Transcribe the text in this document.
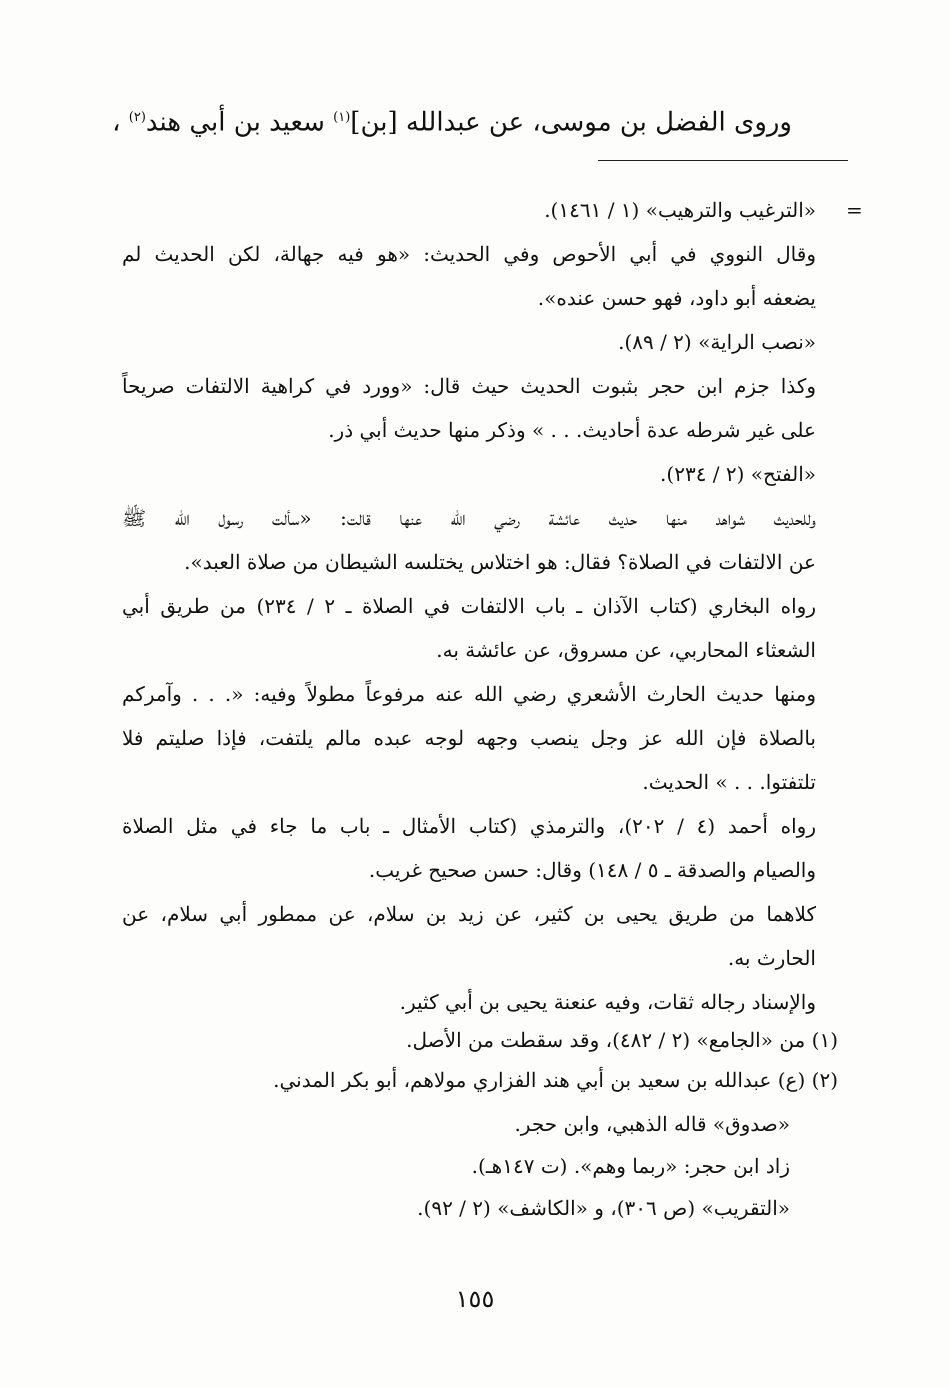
وروى الفضل بن موسى، عن عبدالله [بن]$^{(١)}$ سعيد بن أبي هند$^{(٢)}$ ،
=
«الترغيب والترهيب» (١ / ١٤٦١).
وقال النووي في أبي الأحوص وفي الحديث: «هو فيه جهالة، لكن الحديث لم
يضعفه أبو داود، فهو حسن عنده».
«نصب الراية» (٢ / ٨٩).
وكذا جزم ابن حجر بثبوت الحديث حيث قال: «وورد في كراهية الالتفات صريحاً
على غير شرطه عدة أحاديث. . . » وذكر منها حديث أبي ذر.
«الفتح» (٢ / ٢٣٤).
وللحديث شواهد منها حديث عائشة رضي الله عنها قالت: «سألت رسول الله ﷺ
عن الالتفات في الصلاة؟ فقال: هو اختلاس يختلسه الشيطان من صلاة العبد».
رواه البخاري (كتاب الآذان ـ باب الالتفات في الصلاة ـ ٢ / ٢٣٤) من طريق أبي
الشعثاء المحاربي، عن مسروق، عن عائشة به.
ومنها حديث الحارث الأشعري رضي الله عنه مرفوعاً مطولاً وفيه: «. . . وآمركم
بالصلاة فإن الله عز وجل ينصب وجهه لوجه عبده مالم يلتفت، فإذا صليتم فلا
تلتفتوا. . . » الحديث.
رواه أحمد (٤ / ٢٠٢)، والترمذي (كتاب الأمثال ـ باب ما جاء في مثل الصلاة
والصيام والصدقة ـ ٥ / ١٤٨) وقال: حسن صحيح غريب.
كلاهما من طريق يحيى بن كثير، عن زيد بن سلام، عن ممطور أبي سلام، عن
الحارث به.
والإسناد رجاله ثقات، وفيه عنعنة يحيى بن أبي كثير.
(١) من «الجامع» (٢ / ٤٨٢)، وقد سقطت من الأصل.
(٢) (ع) عبدالله بن سعيد بن أبي هند الفزاري مولاهم، أبو بكر المدني.
«صدوق» قاله الذهبي، وابن حجر.
زاد ابن حجر: «ربما وهم». (ت ١٤٧هـ).
«التقريب» (ص ٣٠٦)، و «الكاشف» (٢ / ٩٢).
١٥٥
